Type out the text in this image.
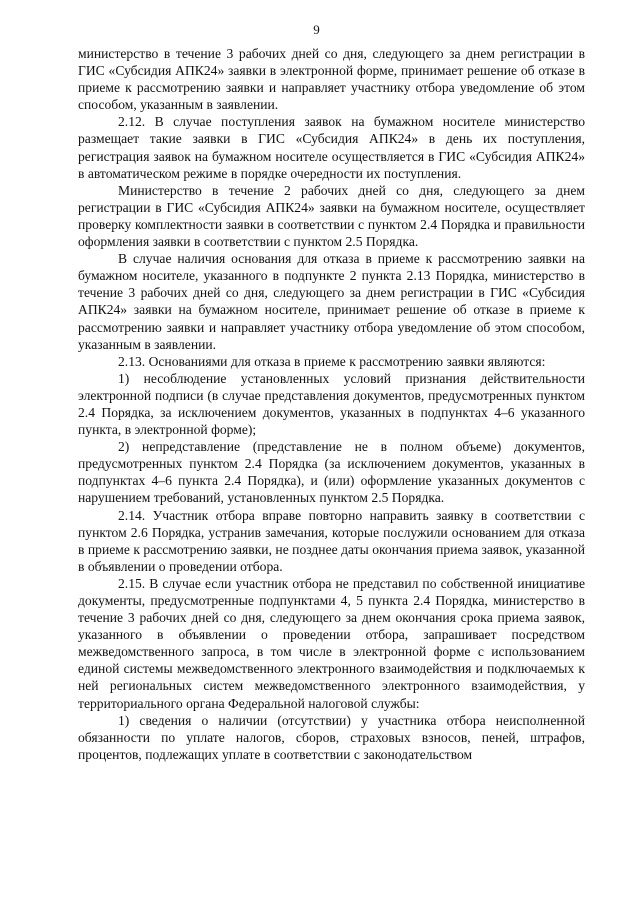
9

министерство в течение 3 рабочих дней со дня, следующего за днем регистрации в ГИС «Субсидия АПК24» заявки в электронной форме, принимает решение об отказе в приеме к рассмотрению заявки и направляет участнику отбора уведомление об этом способом, указанным в заявлении.

2.12. В случае поступления заявок на бумажном носителе министерство размещает такие заявки в ГИС «Субсидия АПК24» в день их поступления, регистрация заявок на бумажном носителе осуществляется в ГИС «Субсидия АПК24» в автоматическом режиме в порядке очередности их поступления.

Министерство в течение 2 рабочих дней со дня, следующего за днем регистрации в ГИС «Субсидия АПК24» заявки на бумажном носителе, осуществляет проверку комплектности заявки в соответствии с пунктом 2.4 Порядка и правильности оформления заявки в соответствии с пунктом 2.5 Порядка.

В случае наличия основания для отказа в приеме к рассмотрению заявки на бумажном носителе, указанного в подпункте 2 пункта 2.13 Порядка, министерство в течение 3 рабочих дней со дня, следующего за днем регистрации в ГИС «Субсидия АПК24» заявки на бумажном носителе, принимает решение об отказе в приеме к рассмотрению заявки и направляет участнику отбора уведомление об этом способом, указанным в заявлении.

2.13. Основаниями для отказа в приеме к рассмотрению заявки являются:

1) несоблюдение установленных условий признания действительности электронной подписи (в случае представления документов, предусмотренных пунктом 2.4 Порядка, за исключением документов, указанных в подпунктах 4–6 указанного пункта, в электронной форме);

2) непредставление (представление не в полном объеме) документов, предусмотренных пунктом 2.4 Порядка (за исключением документов, указанных в подпунктах 4–6 пункта 2.4 Порядка), и (или) оформление указанных документов с нарушением требований, установленных пунктом 2.5 Порядка.

2.14. Участник отбора вправе повторно направить заявку в соответствии с пунктом 2.6 Порядка, устранив замечания, которые послужили основанием для отказа в приеме к рассмотрению заявки, не позднее даты окончания приема заявок, указанной в объявлении о проведении отбора.

2.15. В случае если участник отбора не представил по собственной инициативе документы, предусмотренные подпунктами 4, 5 пункта 2.4 Порядка, министерство в течение 3 рабочих дней со дня, следующего за днем окончания срока приема заявок, указанного в объявлении о проведении отбора, запрашивает посредством межведомственного запроса, в том числе в электронной форме с использованием единой системы межведомственного электронного взаимодействия и подключаемых к ней региональных систем межведомственного электронного взаимодействия, у территориального органа Федеральной налоговой службы:

1) сведения о наличии (отсутствии) у участника отбора неисполненной обязанности по уплате налогов, сборов, страховых взносов, пеней, штрафов, процентов, подлежащих уплате в соответствии с законодательством
